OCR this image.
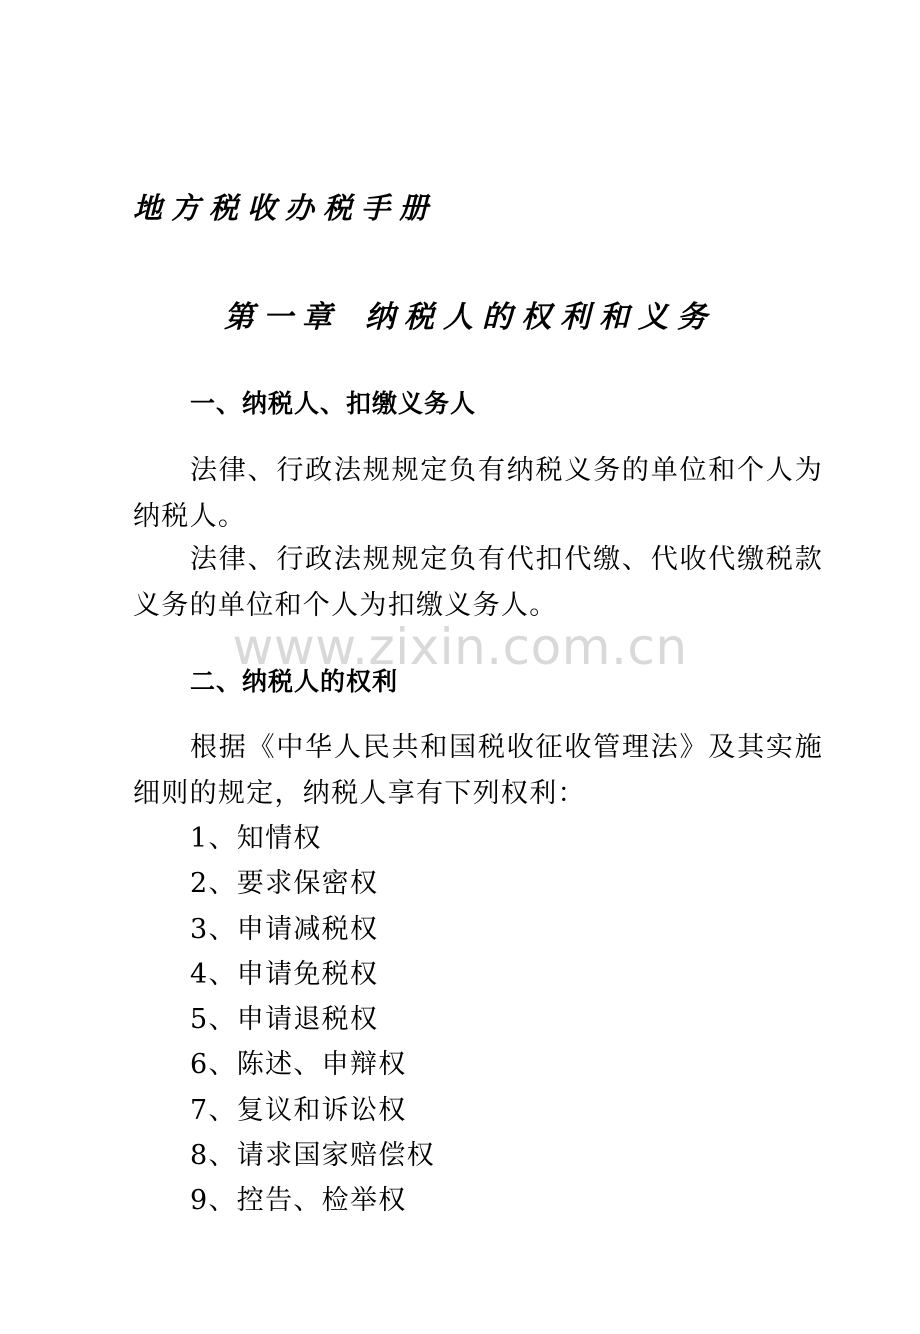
地方税收办税手册
第一章 纳税人的权利和义务
一、纳税人、扣缴义务人

法律、行政法规规定负有纳税义务的单位和个人为纳税人。

法律、行政法规规定负有代扣代缴、代收代缴税款义务的单位和个人为扣缴义务人。

www.zixin.com.cn
二、纳税人的权利

根据《中华人民共和国税收征收管理法》及其实施细则的规定，纳税人享有下列权利：

1、知情权
2、要求保密权
3、申请减税权
4、申请免税权
5、申请退税权
6、陈述、申辩权
7、复议和诉讼权
8、请求国家赔偿权
9、控告、检举权
